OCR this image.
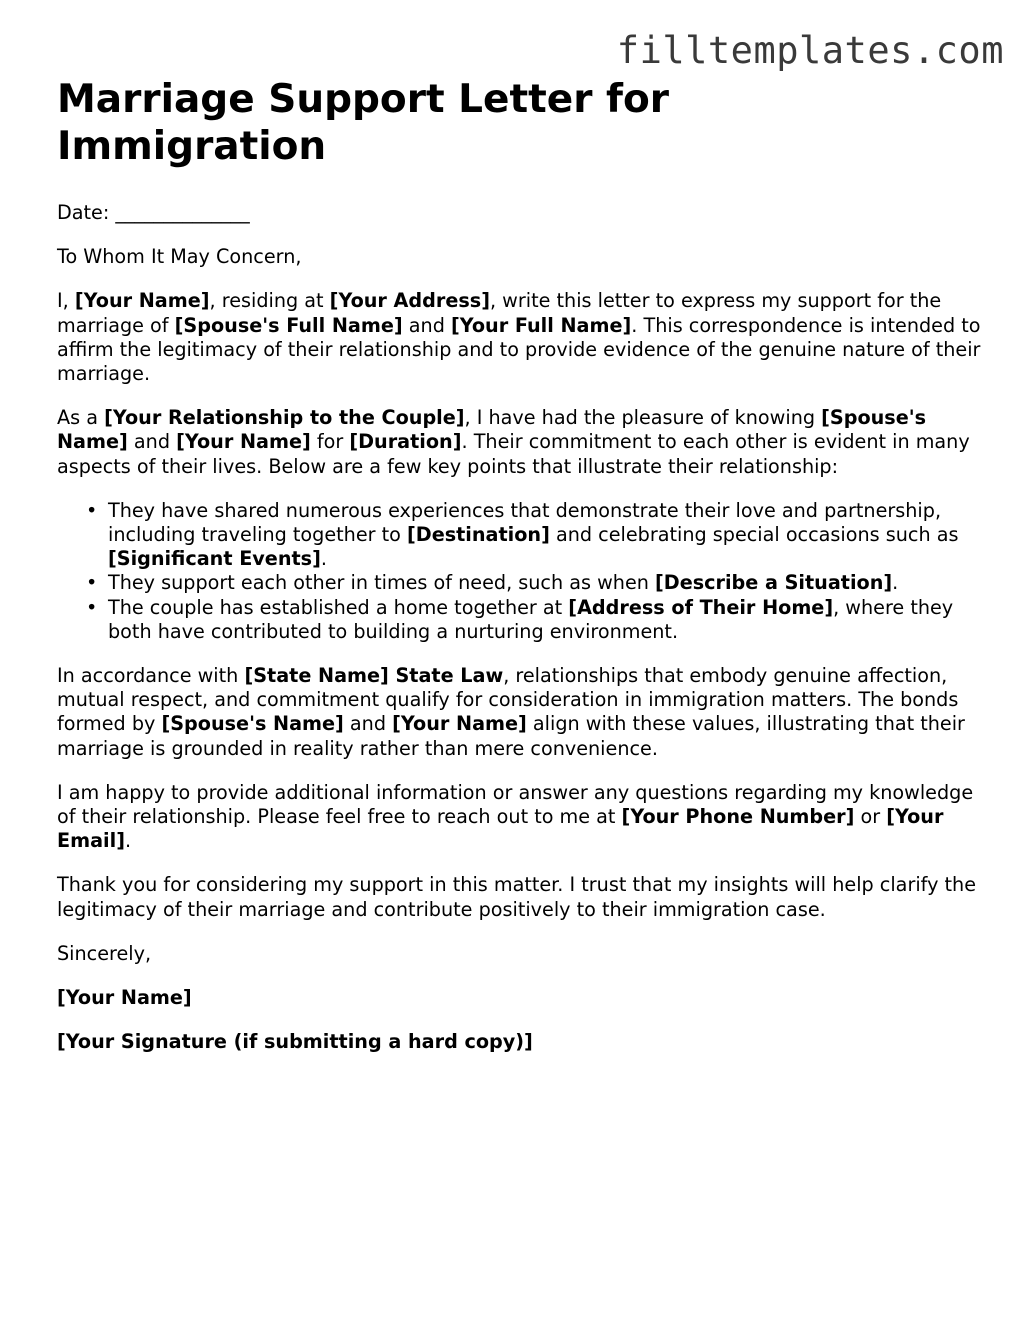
filltemplates.com
Marriage Support Letter for Immigration

Date: ______________

To Whom It May Concern,

I, [Your Name], residing at [Your Address], write this letter to express my support for the marriage of [Spouse's Full Name] and [Your Full Name]. This correspondence is intended to affirm the legitimacy of their relationship and to provide evidence of the genuine nature of their marriage.

As a [Your Relationship to the Couple], I have had the pleasure of knowing [Spouse's Name] and [Your Name] for [Duration]. Their commitment to each other is evident in many aspects of their lives. Below are a few key points that illustrate their relationship:

• They have shared numerous experiences that demonstrate their love and partnership, including traveling together to [Destination] and celebrating special occasions such as [Significant Events].
• They support each other in times of need, such as when [Describe a Situation].
• The couple has established a home together at [Address of Their Home], where they both have contributed to building a nurturing environment.

In accordance with [State Name] State Law, relationships that embody genuine affection, mutual respect, and commitment qualify for consideration in immigration matters. The bonds formed by [Spouse's Name] and [Your Name] align with these values, illustrating that their marriage is grounded in reality rather than mere convenience.

I am happy to provide additional information or answer any questions regarding my knowledge of their relationship. Please feel free to reach out to me at [Your Phone Number] or [Your Email].

Thank you for considering my support in this matter. I trust that my insights will help clarify the legitimacy of their marriage and contribute positively to their immigration case.

Sincerely,

[Your Name]

[Your Signature (if submitting a hard copy)]
